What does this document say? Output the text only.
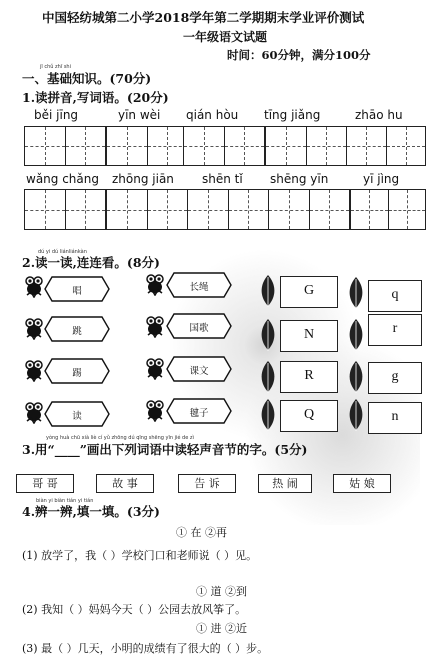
中国轻纺城第二小学2018学年第二学期期末学业评价测试
一年级语文试题
时间：60分钟，满分100分
jī chǔ zhī shi
一、基础知识。(70分)
1.读拼音,写词语。(20分)
běi jīng	yīn wèi qián hòu tīng jiǎng	zhāo hu
wǎng chǎng zhōng jiān shēn tǐ shēng yīn	yī jìng
dú yi dú liánliánkàn
2.读一读,连连看。(8分)
唱
跳
踢
读
长绳
国歌
课文
毽子
G
N
R
Q
q
r
g
n
yòng huà chū xià liè cí yǔ zhōng dú qīng shēng yīn jié de zì
3.用“____”画出下列词语中读轻声音节的字。(5分)
哥 哥	故 事	告 诉	热 闹	姑 娘
biàn yi biàn tián yi tián
4.辨一辨,填一填。(3分)
① 在 ②再
(1) 放学了，我（ ）学校门口和老师说（ ）见。
① 道 ②到
(2) 我知（ ）妈妈今天（ ）公园去放风筝了。
① 进 ②近
(3) 最（ ）几天，小明的成绩有了很大的（ ）步。
